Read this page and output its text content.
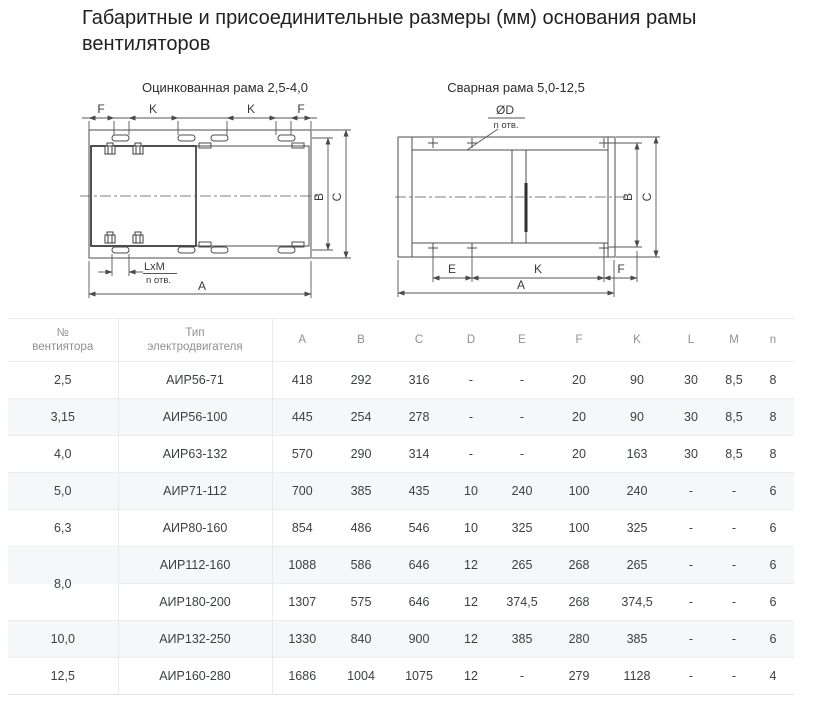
Габаритные и присоединительные размеры (мм) основания рамы вентиляторов
Оцинкованная рама 2,5-4,0
F	K	K	F
B C
LxM
n отв. А
Сварная рама 5,0-12,5
ØD
n отв.
B C
E	K	F
А
№
вентиятора

Тип
электродвигателя
	A	B	C	D	E	F	K	L	M	n
2,5	АИР56-71	418	292	316	-	-	20	90	30	8,5	8
3,15	АИР56-100	445	254	278	-	-	20	90	30	8,5	8
4,0	АИР63-132	570	290	314	-	-	20	163	30	8,5	8
5,0	АИР71-112	700	385	435	10	240	100	240	-	-	6
6,3	АИР80-160	854	486	546	10	325	100	325	-	-	6
8,0	АИР112-160	1088	586	646	12	265	268	265	-	-	6
	АИР180-200	1307	575	646	12	374,5	268	374,5	-	-	6
10,0	АИР132-250	1330	840	900	12	385	280	385	-	-	6
12,5	АИР160-280	1686	1004	1075	12	-	279	1128	-	-	4
